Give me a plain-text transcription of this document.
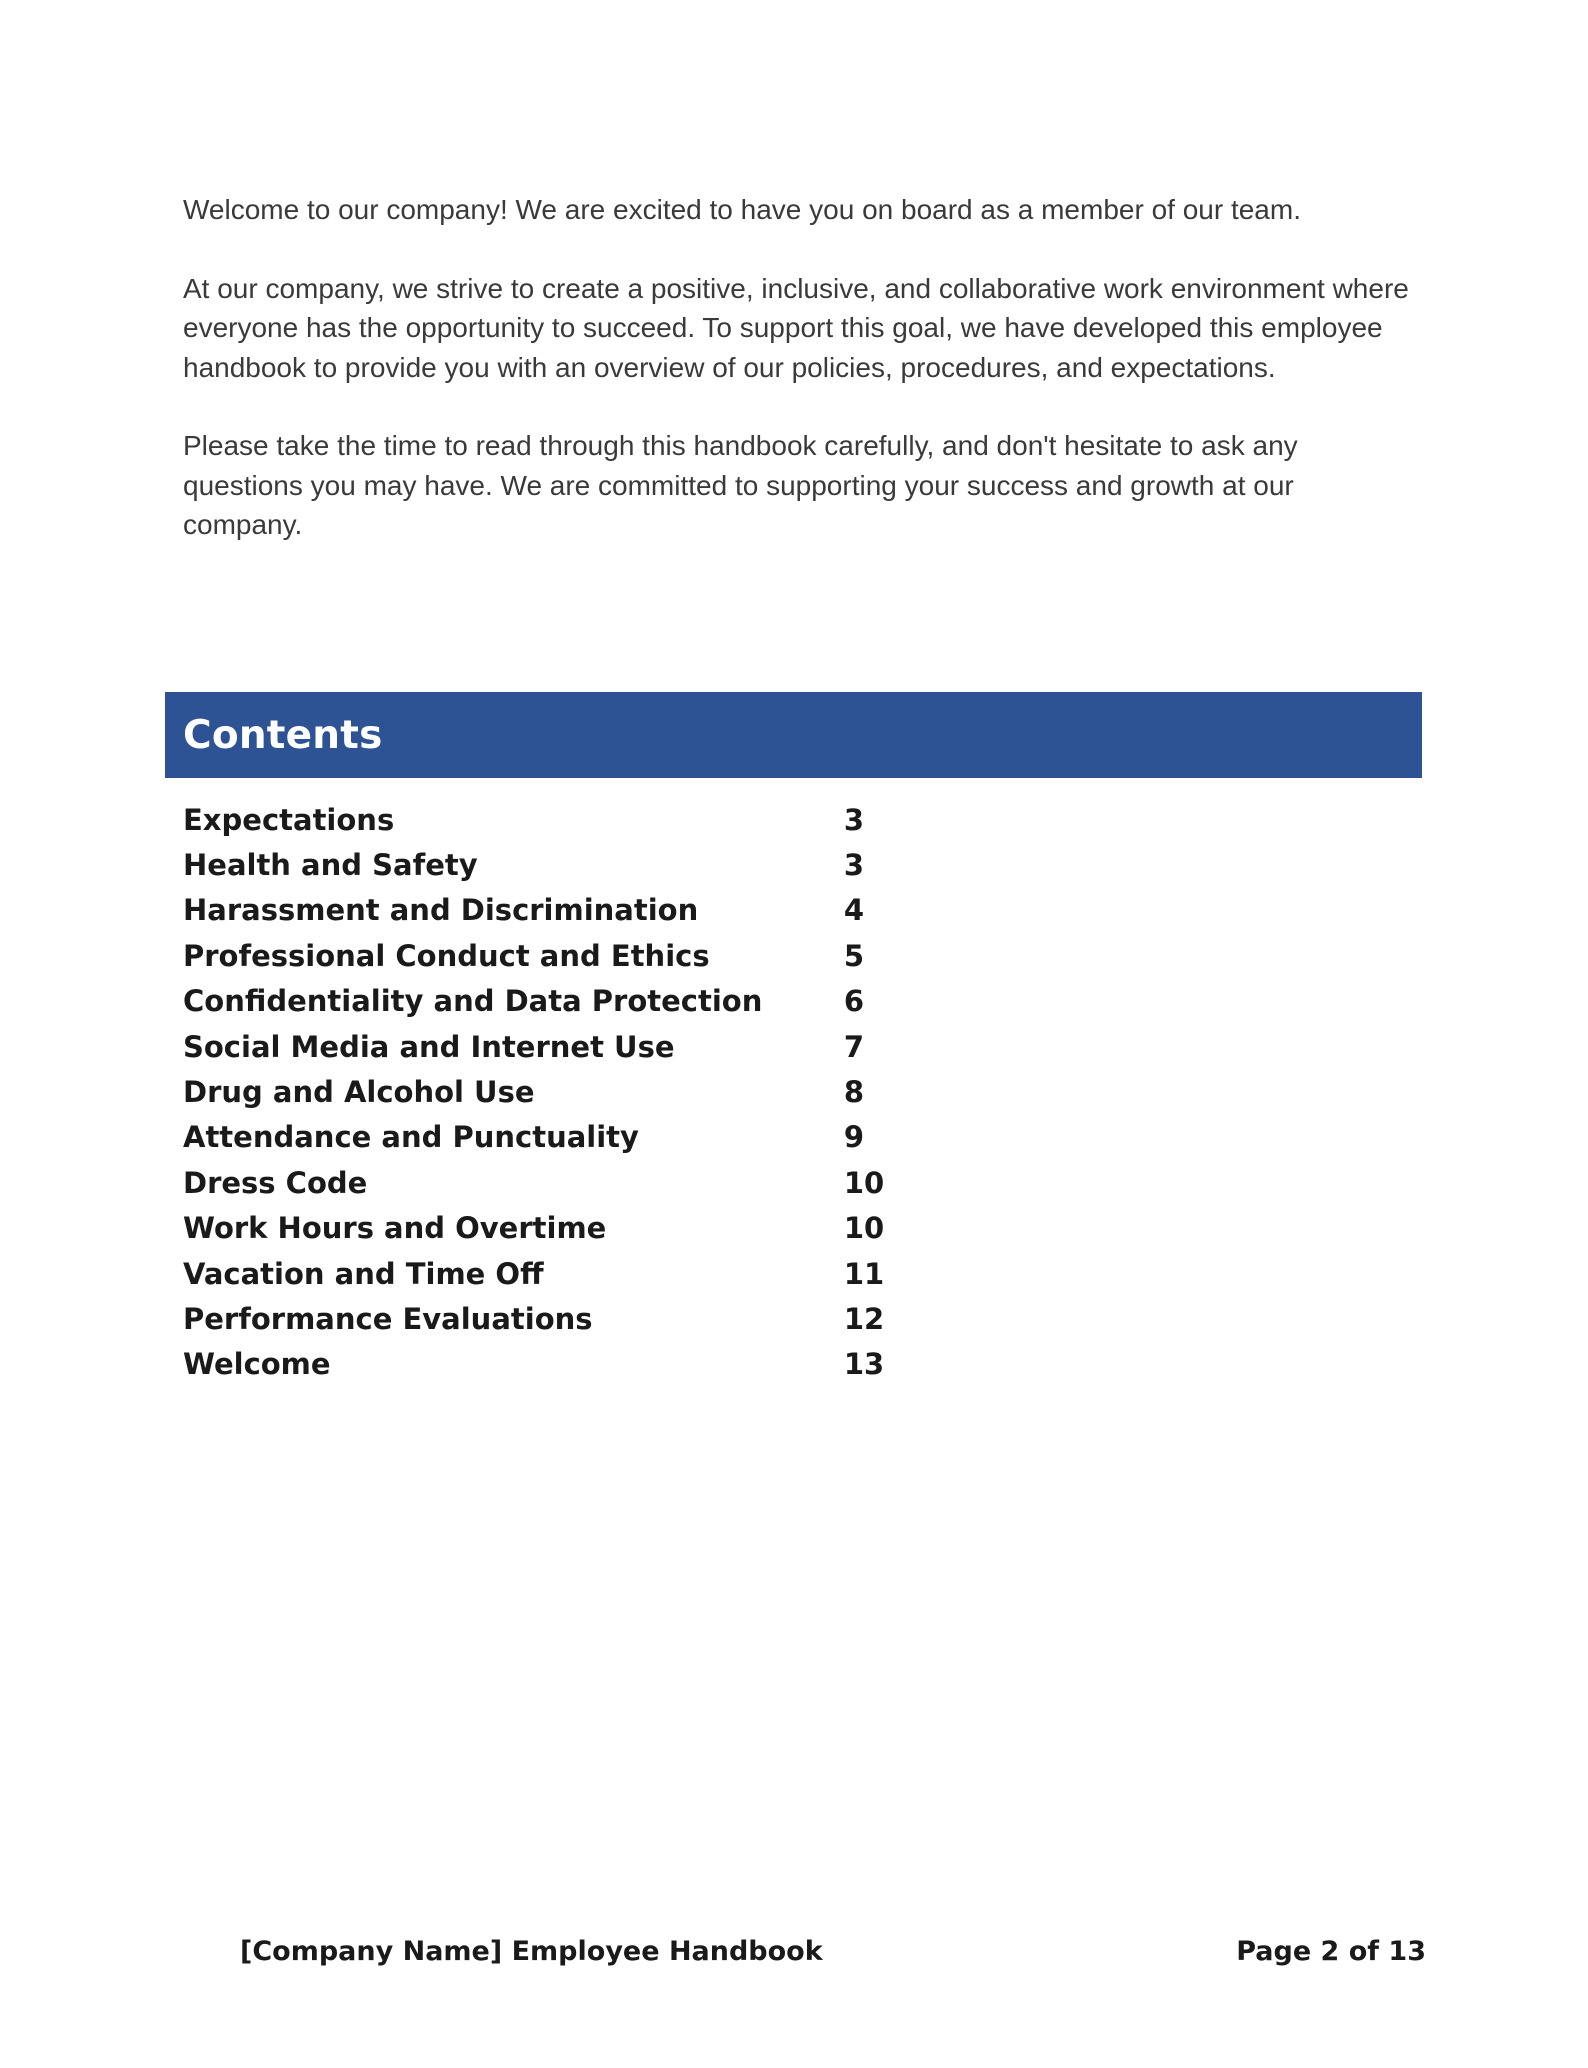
Welcome to our company! We are excited to have you on board as a member of our team.

At our company, we strive to create a positive, inclusive, and collaborative work environment where everyone has the opportunity to succeed. To support this goal, we have developed this employee handbook to provide you with an overview of our policies, procedures, and expectations.

Please take the time to read through this handbook carefully, and don't hesitate to ask any questions you may have. We are committed to supporting your success and growth at our company.

Contents
Expectations	3
Health and Safety	3
Harassment and Discrimination	4
Professional Conduct and Ethics	5
Confidentiality and Data Protection	6
Social Media and Internet Use	7
Drug and Alcohol Use	8
Attendance and Punctuality	9
Dress Code	10
Work Hours and Overtime	10
Vacation and Time Off	11
Performance Evaluations	12
Welcome	13
[Company Name] Employee Handbook	Page 2 of 13
